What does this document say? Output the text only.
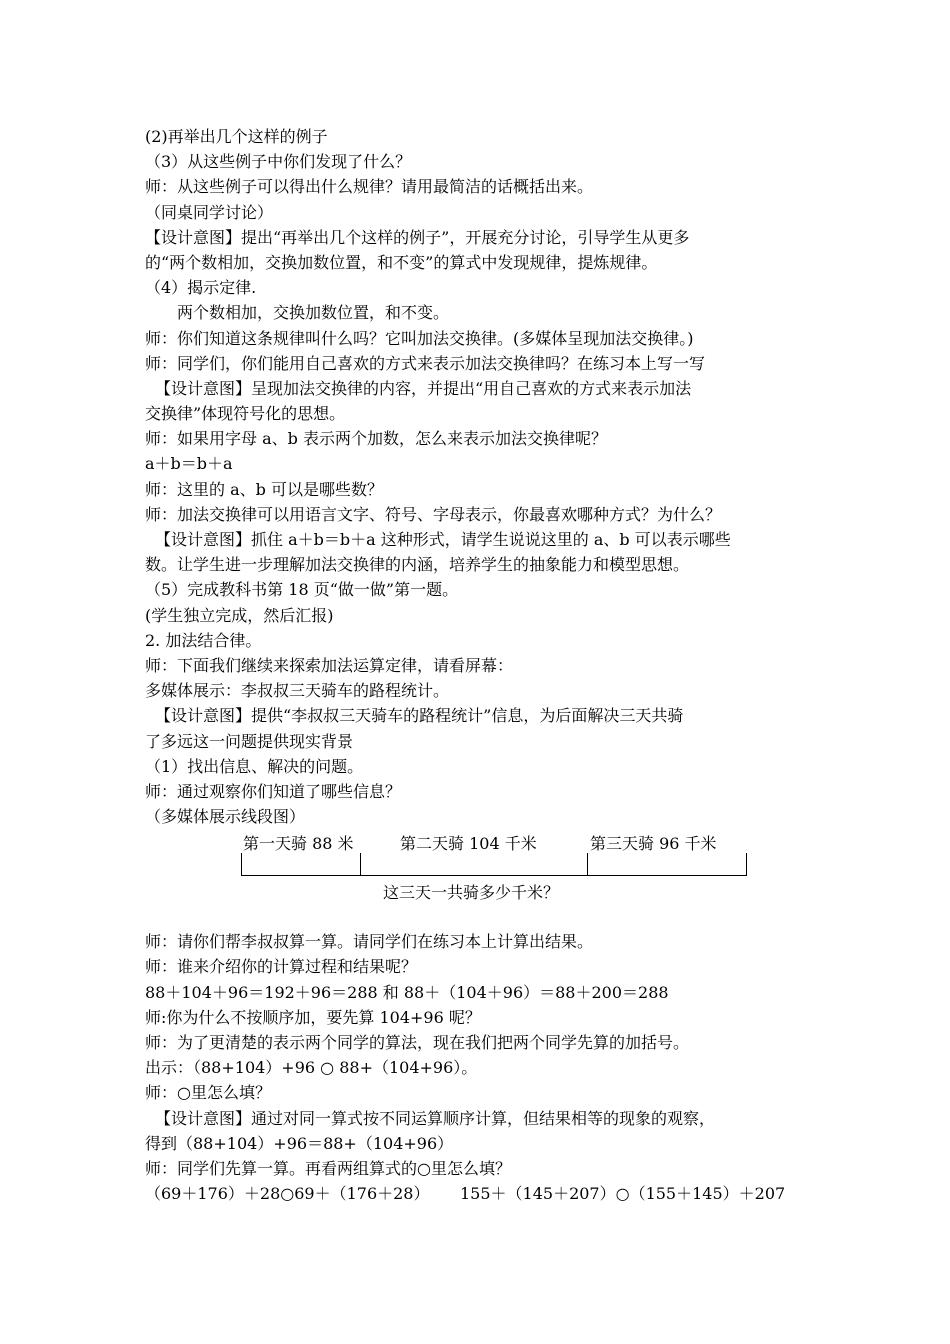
(2)再举出几个这样的例子
（3）从这些例子中你们发现了什么？
师：从这些例子可以得出什么规律？请用最简洁的话概括出来。
（同桌同学讨论）
【设计意图】提出“再举出几个这样的例子”，开展充分讨论，引导学生从更多
的“两个数相加，交换加数位置，和不变”的算式中发现规律，提炼规律。
（4）揭示定律.
两个数相加，交换加数位置，和不变。
师：你们知道这条规律叫什么吗？它叫加法交换律。(多媒体呈现加法交换律。)
师：同学们，你们能用自己喜欢的方式来表示加法交换律吗？在练习本上写一写
【设计意图】呈现加法交换律的内容，并提出“用自己喜欢的方式来表示加法
交换律”体现符号化的思想。
师：如果用字母 a、b 表示两个加数，怎么来表示加法交换律呢？
a＋b＝b＋a
师：这里的 a、b 可以是哪些数？
师：加法交换律可以用语言文字、符号、字母表示，你最喜欢哪种方式？为什么？
【设计意图】抓住 a＋b＝b＋a 这种形式，请学生说说这里的 a、b 可以表示哪些
数。让学生进一步理解加法交换律的内涵，培养学生的抽象能力和模型思想。
（5）完成教科书第 18 页“做一做”第一题。
(学生独立完成，然后汇报)
2. 加法结合律。
师：下面我们继续来探索加法运算定律，请看屏幕：
多媒体展示：李叔叔三天骑车的路程统计。
【设计意图】提供“李叔叔三天骑车的路程统计”信息，为后面解决三天共骑
了多远这一问题提供现实背景
（1）找出信息、解决的问题。
师：通过观察你们知道了哪些信息？
（多媒体展示线段图）
第一天骑 88 米	第二天骑 104 千米	第三天骑 96 千米
这三天一共骑多少千米？
师：请你们帮李叔叔算一算。请同学们在练习本上计算出结果。
师：谁来介绍你的计算过程和结果呢？
88＋104＋96＝192＋96＝288 和 88＋（104＋96）＝88＋200＝288
师:你为什么不按顺序加，要先算 104+96 呢？
师：为了更清楚的表示两个同学的算法，现在我们把两个同学先算的加括号。
出示：（88+104）+96 ○ 88+（104+96）。
师：○里怎么填？
【设计意图】通过对同一算式按不同运算顺序计算，但结果相等的现象的观察，
得到（88+104）+96＝88+（104+96）
师：同学们先算一算。再看两组算式的○里怎么填？
（69＋176）＋28○69＋（176＋28）      155＋（145＋207）○（155＋145）＋207
